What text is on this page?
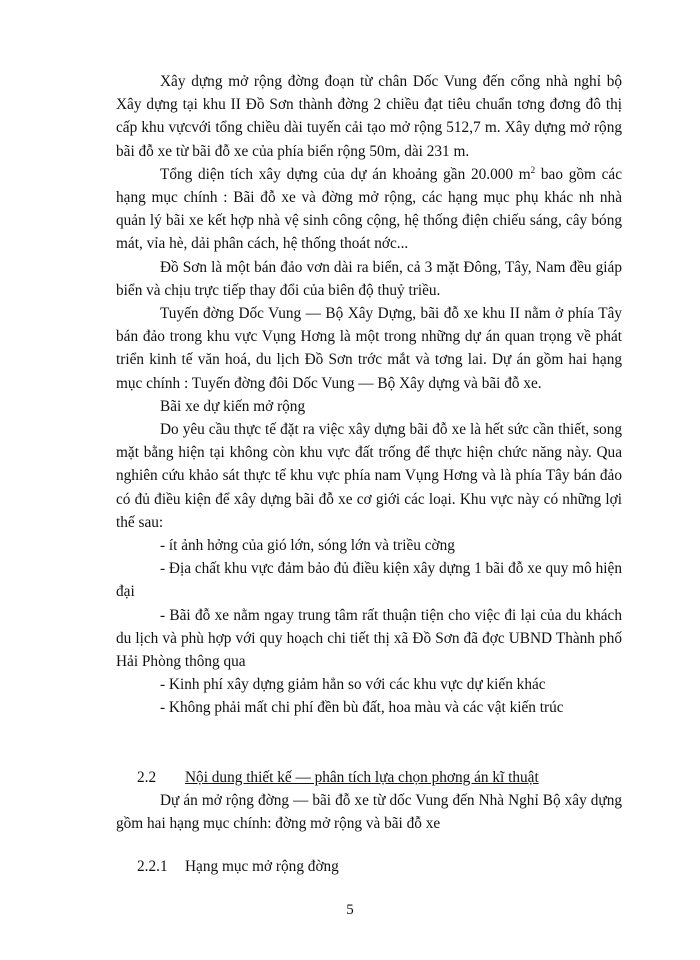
Xây dựng mở rộng đờng đoạn từ chân Dốc Vung đến cổng nhà nghỉ bộ Xây dựng tại khu II Đồ Sơn thành đờng 2 chiều đạt tiêu chuẩn tơng đơng đô thị cấp khu vựcvới tổng chiều dài tuyến cải tạo mở rộng 512,7 m. Xây dựng mở rộng bãi đỗ xe từ bãi đỗ xe của phía biển rộng 50m, dài 231 m.

Tổng diện tích xây dựng của dự án khoảng gần 20.000 $m^2$ bao gồm các hạng mục chính : Bãi đỗ xe và đờng mở rộng, các hạng mục phụ khác nh nhà quản lý bãi xe kết hợp nhà vệ sinh công cộng, hệ thống điện chiếu sáng, cây bóng mát, vỉa hè, dải phân cách, hệ thống thoát nớc...

Đồ Sơn là một bán đảo vơn dài ra biển, cả 3 mặt Đông, Tây, Nam đều giáp biển và chịu trực tiếp thay đổi của biên độ thuỷ triều.

Tuyến đờng Dốc Vung — Bộ Xây Dựng, bãi đỗ xe khu II nằm ở phía Tây bán đảo trong khu vực Vụng Hơng là một trong những dự án quan trọng về phát triển kinh tế văn hoá, du lịch Đồ Sơn trớc mắt và tơng lai. Dự án gồm hai hạng mục chính : Tuyến đờng đôi Dốc Vung — Bộ Xây dựng và bãi đỗ xe.

Bãi xe dự kiến mở rộng

Do yêu cầu thực tế đặt ra việc xây dựng bãi đỗ xe là hết sức cần thiết, song mặt bằng hiện tại không còn khu vực đất trống để thực hiện chức năng này. Qua nghiên cứu khảo sát thực tế khu vực phía nam Vụng Hơng và là phía Tây bán đảo có đủ điều kiện để xây dựng bãi đỗ xe cơ giới các loại. Khu vực này có những lợi thế sau:

- ít ảnh hởng của gió lớn, sóng lớn và triều cờng

- Địa chất khu vực đảm bảo đủ điều kiện xây dựng 1 bãi đỗ xe quy mô hiện đại

- Bãi đỗ xe nằm ngay trung tâm rất thuận tiện cho việc đi lại của du khách du lịch và phù hợp với quy hoạch chi tiết thị xã Đồ Sơn đã đợc UBND Thành phố Hải Phòng thông qua

- Kinh phí xây dựng giảm hẳn so với các khu vực dự kiến khác

- Không phải mất chi phí đền bù đất, hoa màu và các vật kiến trúc

2.2 Nội dung thiết kế — phân tích lựa chọn phơng án kĩ thuật

Dự án mở rộng đờng — bãi đỗ xe từ dốc Vung đến Nhà Nghỉ Bộ xây dựng gồm hai hạng mục chính: đờng mở rộng và bãi đỗ xe

2.2.1 Hạng mục mở rộng đờng
5
